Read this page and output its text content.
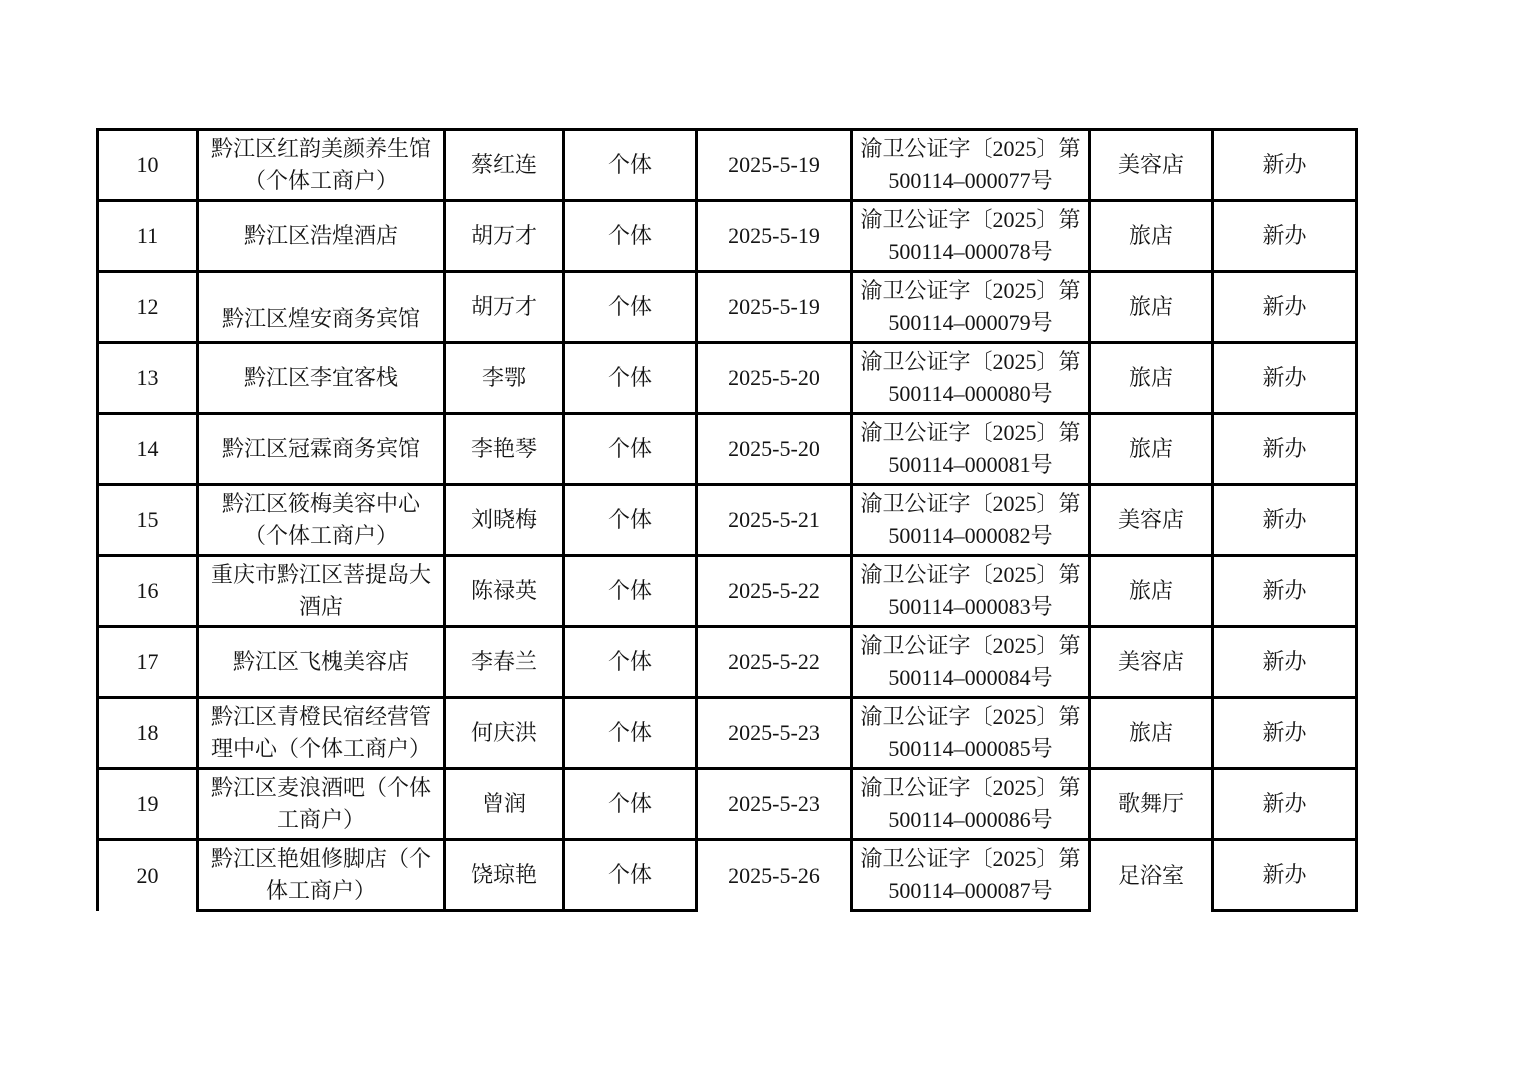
10	黔江区红韵美颜养生馆（个体工商户）	蔡红连	个体	2025-5-19	渝卫公证字〔2025〕第
500114–000077号	美容店	新办
11	黔江区浩煌酒店	胡万才	个体	2025-5-19	渝卫公证字〔2025〕第
500114–000078号	旅店	新办
12	黔江区煌安商务宾馆	胡万才	个体	2025-5-19	渝卫公证字〔2025〕第
500114–000079号	旅店	新办
13	黔江区李宜客栈	李鄂	个体	2025-5-20	渝卫公证字〔2025〕第
500114–000080号	旅店	新办
14	黔江区冠霖商务宾馆	李艳琴	个体	2025-5-20	渝卫公证字〔2025〕第
500114–000081号	旅店	新办
15	黔江区筱梅美容中心（个体工商户）	刘晓梅	个体	2025-5-21	渝卫公证字〔2025〕第
500114–000082号	美容店	新办
16	重庆市黔江区菩提岛大酒店	陈禄英	个体	2025-5-22	渝卫公证字〔2025〕第
500114–000083号	旅店	新办
17	黔江区飞槐美容店	李春兰	个体	2025-5-22	渝卫公证字〔2025〕第
500114–000084号	美容店	新办
18	黔江区青橙民宿经营管理中心（个体工商户）	何庆洪	个体	2025-5-23	渝卫公证字〔2025〕第
500114–000085号	旅店	新办
19	黔江区麦浪酒吧（个体工商户）	曾润	个体	2025-5-23	渝卫公证字〔2025〕第
500114–000086号	歌舞厅	新办
20	黔江区艳姐修脚店（个体工商户）	饶琼艳	个体	2025-5-26	渝卫公证字〔2025〕第
500114–000087号	足浴室	新办
